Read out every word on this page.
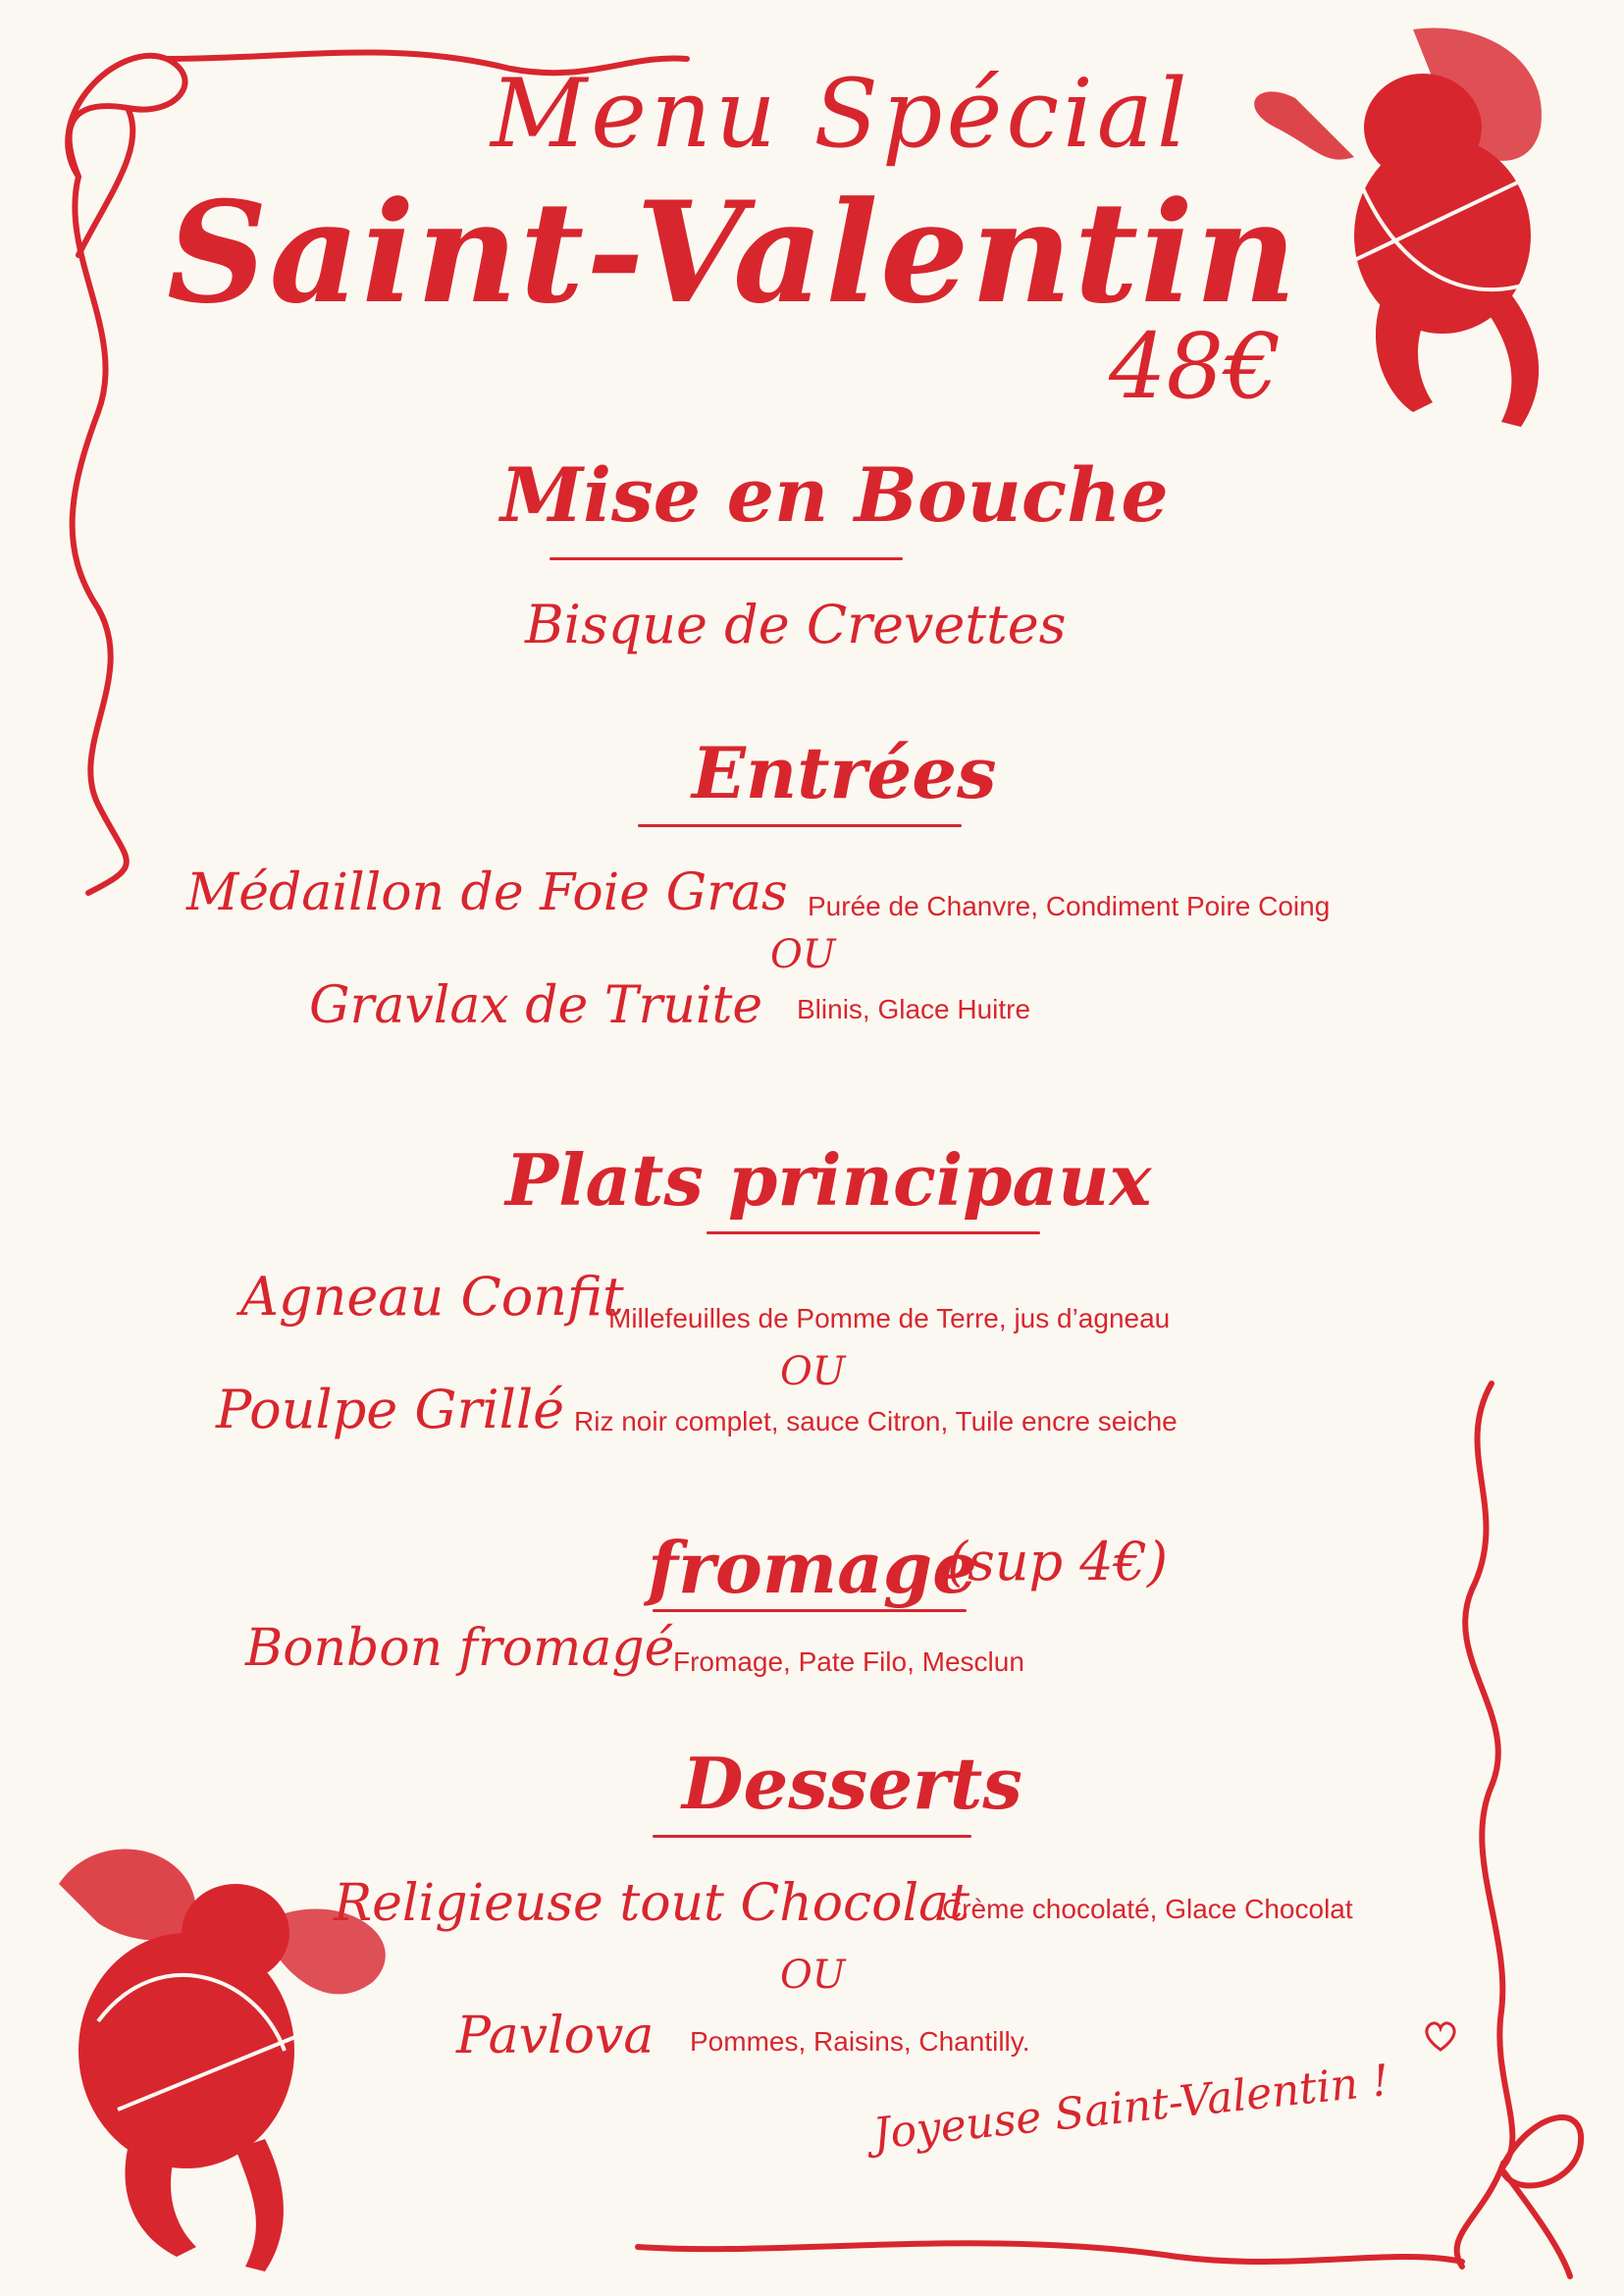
Menu Spécial
Saint-Valentin
48€
Mise en Bouche
Bisque de Crevettes
Entrées
Médaillon de Foie Gras Purée de Chanvre, Condiment Poire Coing
OU
Gravlax de Truite Blinis, Glace Huitre
Plats principaux
Agneau Confit
Millefeuilles de Pomme de Terre, jus d’agneau
OU
Poulpe Grillé Riz noir complet, sauce Citron, Tuile encre seiche
fromage
(sup 4€)
Bonbon fromagé
Fromage, Pate Filo, Mesclun
Desserts
Religieuse tout Chocolat
Crème chocolaté, Glace Chocolat
OU
Pavlova Pommes, Raisins, Chantilly.
Joyeuse Saint-Valentin !
